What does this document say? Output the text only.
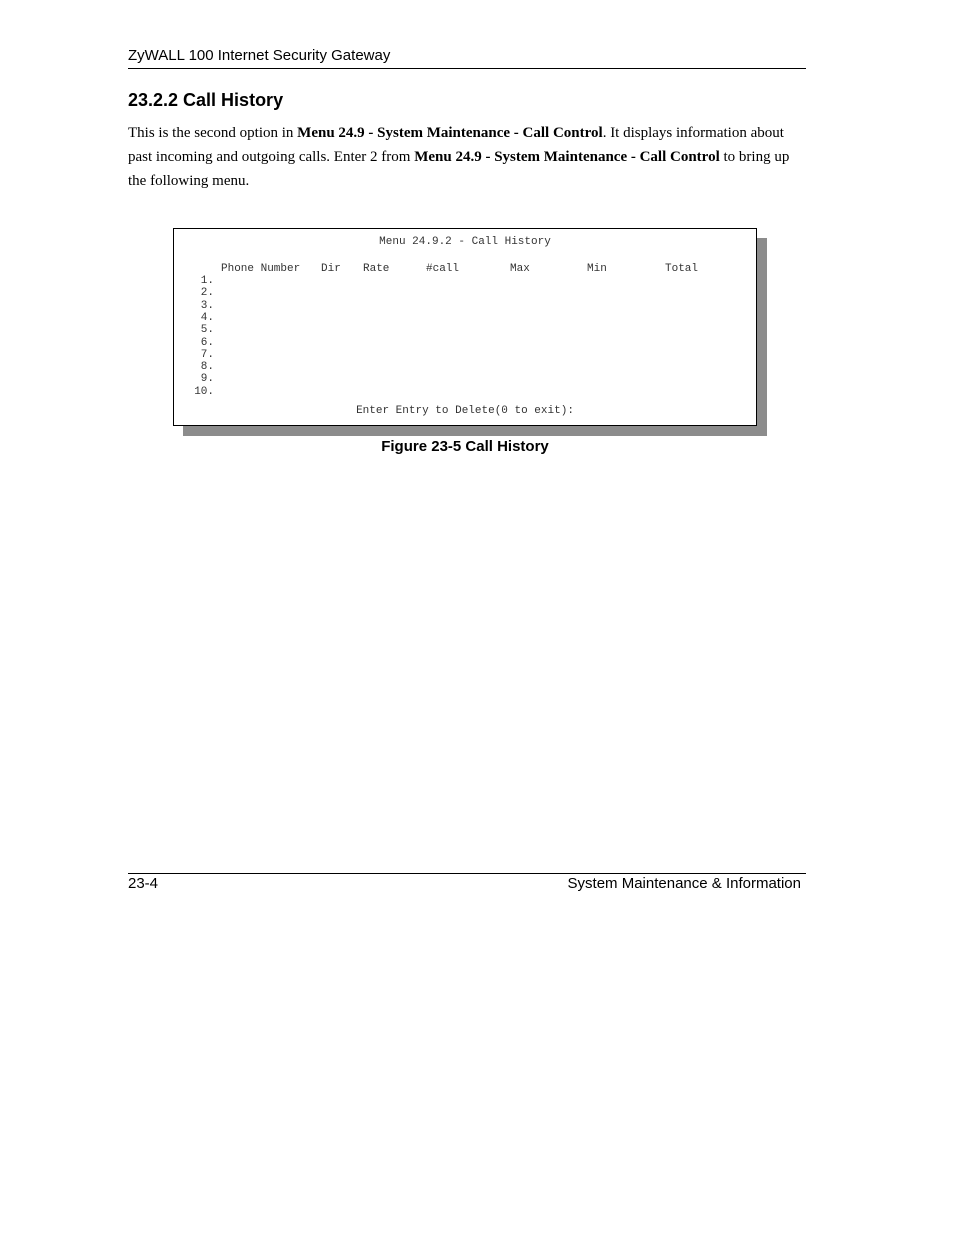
ZyWALL 100 Internet Security Gateway
23.2.2 Call History
This is the second option in Menu 24.9 - System Maintenance - Call Control. It displays information about past incoming and outgoing calls. Enter 2 from Menu 24.9 - System Maintenance - Call Control to bring up the following menu.
Menu 24.9.2 - Call History
Phone Number Dir Rate	#call	Max	Min	Total
1.
2.
3.
4.
5.
6.
7.
8.
9.
10.
Enter Entry to Delete(0 to exit):
Figure 23-5 Call History
23-4	System Maintenance & Information
